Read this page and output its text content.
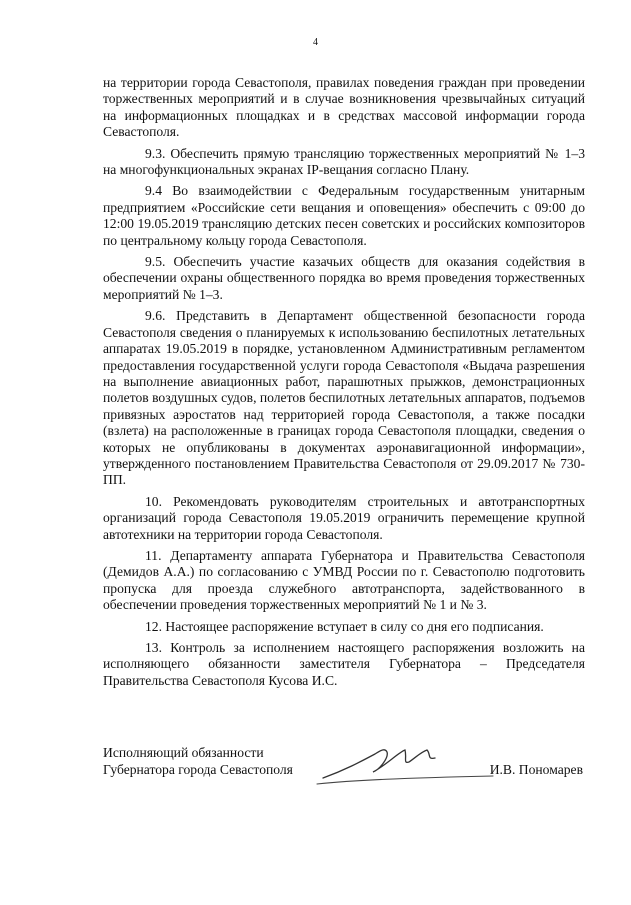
4

на территории города Севастополя, правилах поведения граждан при проведении торжественных мероприятий и в случае возникновения чрезвычайных ситуаций на информационных площадках и в средствах массовой информации города Севастополя.

9.3. Обеспечить прямую трансляцию торжественных мероприятий № 1–3 на многофункциональных экранах IP-вещания согласно Плану.

9.4 Во взаимодействии с Федеральным государственным унитарным предприятием «Российские сети вещания и оповещения» обеспечить с 09:00 до 12:00 19.05.2019 трансляцию детских песен советских и российских композиторов по центральному кольцу города Севастополя.

9.5. Обеспечить участие казачьих обществ для оказания содействия в обеспечении охраны общественного порядка во время проведения торжественных мероприятий № 1–3.

9.6. Представить в Департамент общественной безопасности города Севастополя сведения о планируемых к использованию беспилотных летательных аппаратах 19.05.2019 в порядке, установленном Административным регламентом предоставления государственной услуги города Севастополя «Выдача разрешения на выполнение авиационных работ, парашютных прыжков, демонстрационных полетов воздушных судов, полетов беспилотных летательных аппаратов, подъемов привязных аэростатов над территорией города Севастополя, а также посадки (взлета) на расположенные в границах города Севастополя площадки, сведения о которых не опубликованы в документах аэронавигационной информации», утвержденного постановлением Правительства Севастополя от 29.09.2017 № 730-ПП.

10. Рекомендовать руководителям строительных и автотранспортных организаций города Севастополя 19.05.2019 ограничить перемещение крупной автотехники на территории города Севастополя.

11. Департаменту аппарата Губернатора и Правительства Севастополя (Демидов А.А.) по согласованию с УМВД России по г. Севастополю подготовить пропуска для проезда служебного автотранспорта, задействованного в обеспечении проведения торжественных мероприятий № 1 и № 3.

12. Настоящее распоряжение вступает в силу со дня его подписания.

13. Контроль за исполнением настоящего распоряжения возложить на исполняющего обязанности заместителя Губернатора – Председателя Правительства Севастополя Кусова И.С.

Исполняющий обязанности
Губернатора города Севастополя	И.В. Пономарев
